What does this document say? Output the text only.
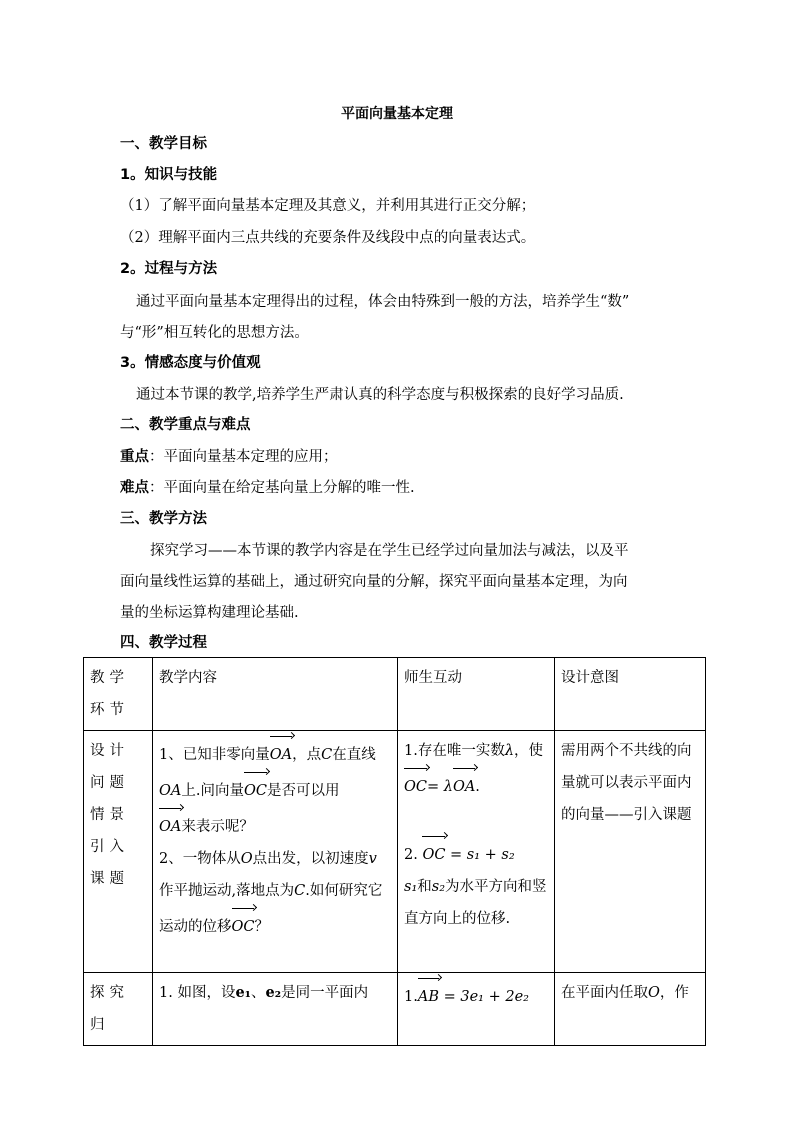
平面向量基本定理
一、教学目标
1。知识与技能
（1）了解平面向量基本定理及其意义，并利用其进行正交分解；
（2）理解平面内三点共线的充要条件及线段中点的向量表达式。
2。过程与方法
通过平面向量基本定理得出的过程，体会由特殊到一般的方法，培养学生“数”
与“形”相互转化的思想方法。
3。情感态度与价值观
通过本节课的教学,培养学生严肃认真的科学态度与积极探索的良好学习品质.
二、教学重点与难点
重点：平面向量基本定理的应用；
难点：平面向量在给定基向量上分解的唯一性.
三、教学方法
探究学习——本节课的教学内容是在学生已经学过向量加法与减法，以及平
面向量线性运算的基础上，通过研究向量的分解，探究平面向量基本定理，为向
量的坐标运算构建理论基础.
四、教学过程
教学环节	教学内容	师生互动	设计意图
设计问题情景引入课题	1、已知非零向量OA，点C在直线OA上.问向量OC是否可以用
OA来表示呢？
2、一物体从O点出发，以初速度v作平抛运动,落地点为C.如何研究它运动的位移OC？	1.存在唯一实数λ，使OC= λOA.

2. OC = s₁ + s₂
s₁和s₂为水平方向和竖直方向上的位移.	需用两个不共线的向量就可以表示平面内的向量——引入课题
探究归	1. 如图，设e₁、e₂是同一平面内	1.AB = 3e₁ + 2e₂	在平面内任取O，作
